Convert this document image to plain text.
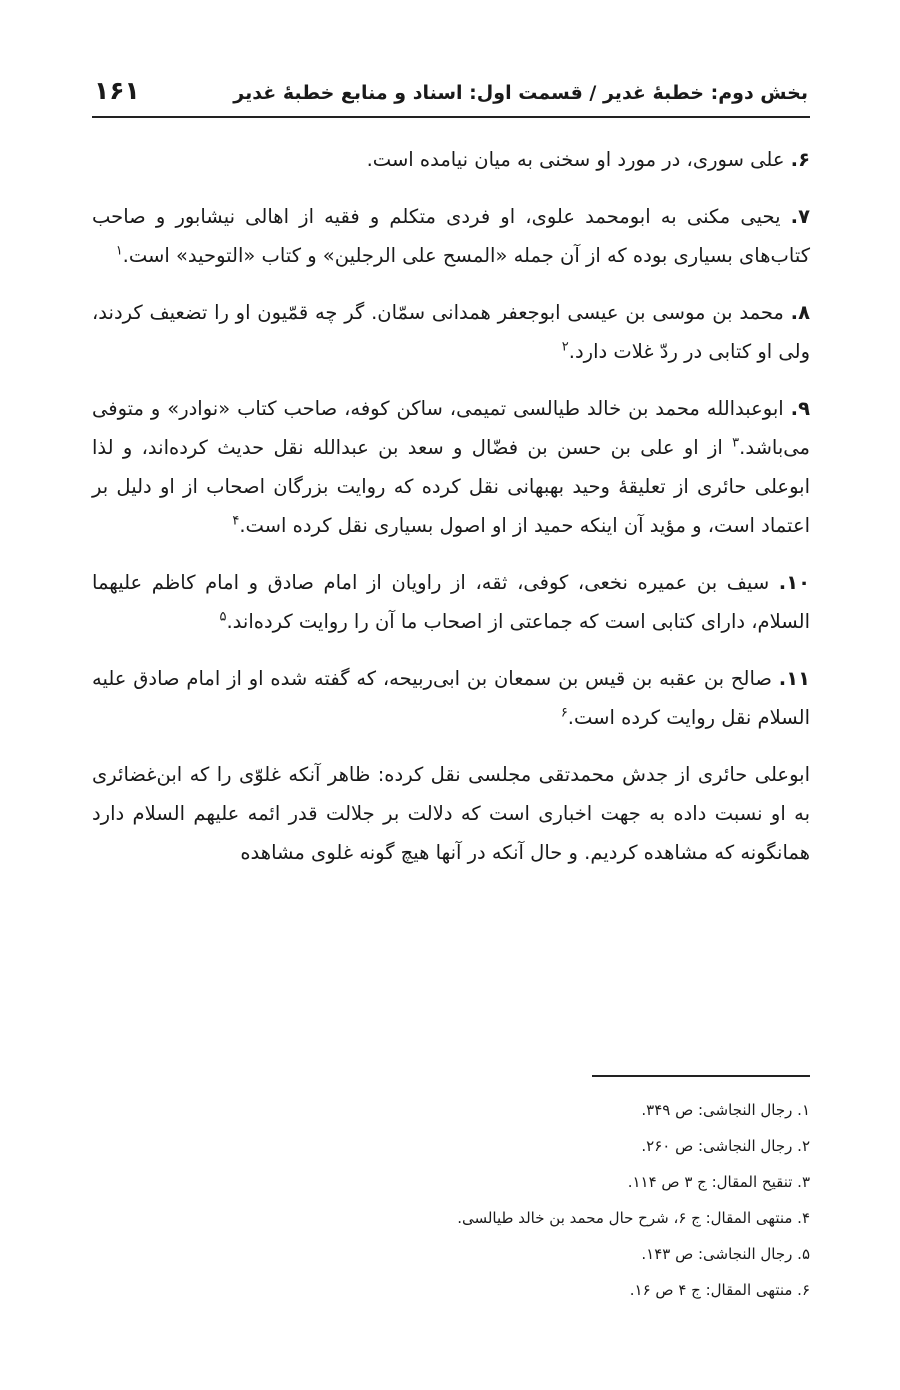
بخش دوم: خطبهٔ غدیر / قسمت اول: اسناد و منابع خطبهٔ غدیر
۱۶۱

۶. علی سوری، در مورد او سخنی به میان نیامده است.

۷. یحیی مکنی به ابومحمد علوی، او فردی متکلم و فقیه از اهالی نیشابور و صاحب کتاب‌های بسیاری بوده که از آن جمله «المسح علی الرجلین» و کتاب «التوحید» است.$^۱$

۸. محمد بن موسی بن عیسی ابوجعفر همدانی سمّان. گر چه قمّیون او را تضعیف کردند، ولی او کتابی در ردّ غلات دارد.$^۲$

۹. ابوعبدالله محمد بن خالد طیالسی تمیمی، ساکن کوفه، صاحب کتاب «نوادر» و متوفی می‌باشد.$^۳$ از او علی بن حسن بن فضّال و سعد بن عبدالله نقل حدیث کرده‌اند، و لذا ابوعلی حائری از تعلیقهٔ وحید بهبهانی نقل کرده که روایت بزرگان اصحاب از او دلیل بر اعتماد است، و مؤید آن اینکه حمید از او اصول بسیاری نقل کرده است.$^۴$

۱۰. سیف بن عمیره نخعی، کوفی، ثقه، از راویان از امام صادق و امام کاظم علیهما السلام، دارای کتابی است که جماعتی از اصحاب ما آن را روایت کرده‌اند.$^۵$

۱۱. صالح بن عقبه بن قیس بن سمعان بن ابی‌ربیحه، که گفته شده او از امام صادق علیه السلام نقل روایت کرده است.$^۶$

ابوعلی حائری از جدش محمدتقی مجلسی نقل کرده: ظاهر آنکه غلوّی را که ابن‌غضائری به او نسبت داده به جهت اخباری است که دلالت بر جلالت قدر ائمه علیهم السلام دارد همانگونه که مشاهده کردیم. و حال آنکه در آنها هیچ گونه غلوی مشاهده

۱. رجال النجاشی: ص ۳۴۹.
۲. رجال النجاشی: ص ۲۶۰.
۳. تنقیح المقال: ج ۳ ص ۱۱۴.
۴. منتهی المقال: ج ۶، شرح حال محمد بن خالد طیالسی.
۵. رجال النجاشی: ص ۱۴۳.
۶. منتهی المقال: ج ۴ ص ۱۶.
